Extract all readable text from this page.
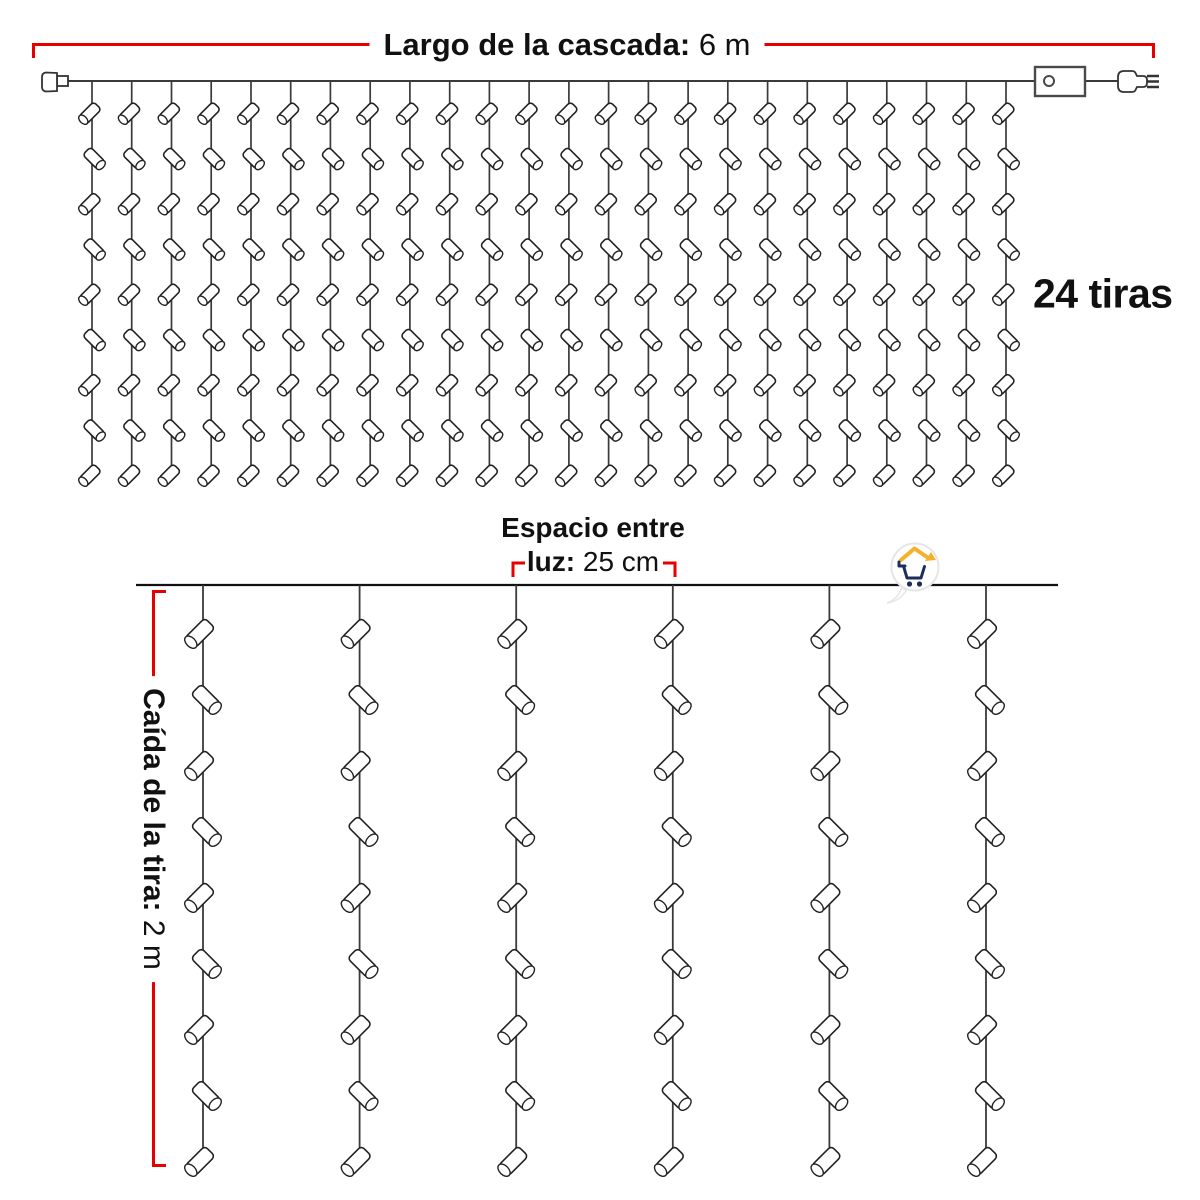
Largo de la cascada: 6 m
24 tiras
Espacio entre
luz: 25 cm
Caída de la tira: 2 m
